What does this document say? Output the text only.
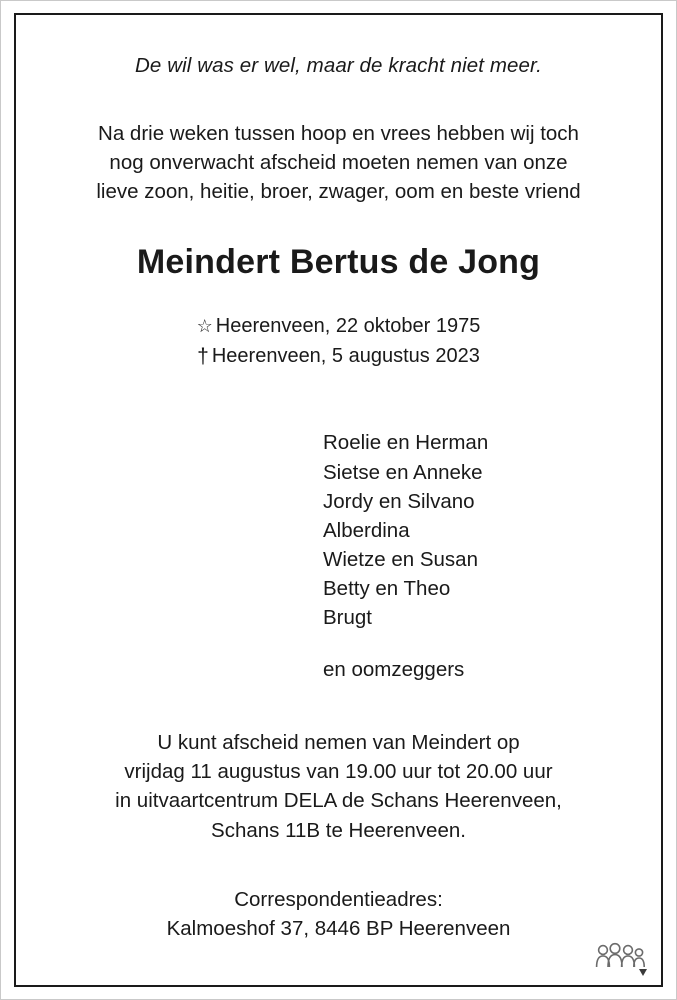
De wil was er wel, maar de kracht niet meer.
Na drie weken tussen hoop en vrees hebben wij toch
nog onverwacht afscheid moeten nemen van onze
lieve zoon, heitie, broer, zwager, oom en beste vriend
Meindert Bertus de Jong
☆ Heerenveen, 22 oktober 1975
† Heerenveen, 5 augustus 2023
Roelie en Herman
Sietse en Anneke
Jordy en Silvano
Alberdina
Wietze en Susan
Betty en Theo
Brugt
en oomzeggers
U kunt afscheid nemen van Meindert op
vrijdag 11 augustus van 19.00 uur tot 20.00 uur
in uitvaartcentrum DELA de Schans Heerenveen,
Schans 11B te Heerenveen.
Correspondentieadres:
Kalmoeshof 37, 8446 BP Heerenveen
